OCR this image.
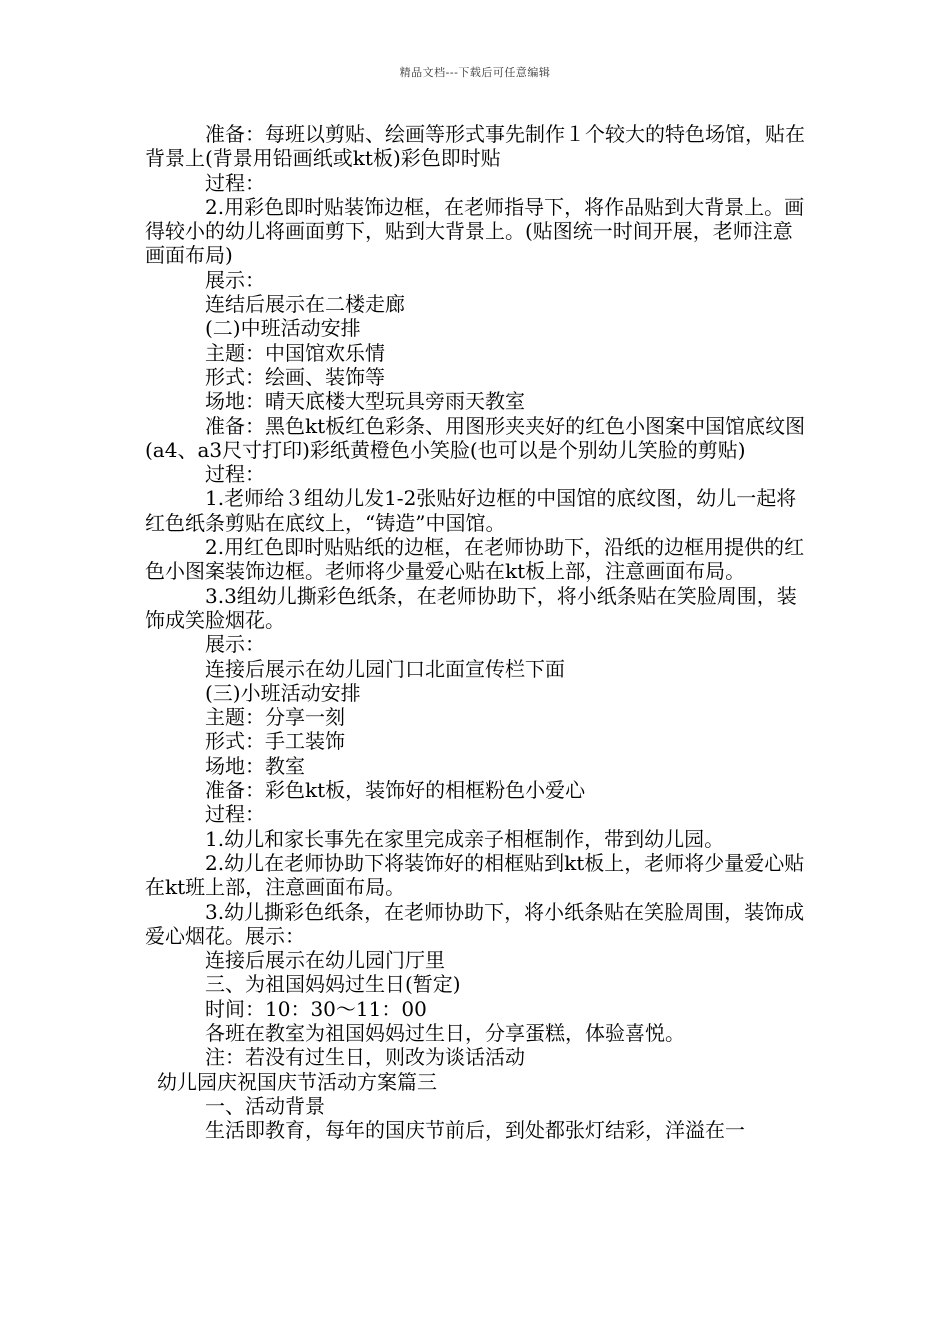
精品文档---下载后可任意编辑

准备：每班以剪贴、绘画等形式事先制作１个较大的特色场馆，贴在背景上(背景用铅画纸或kt板)彩色即时贴

过程：

2.用彩色即时贴装饰边框，在老师指导下，将作品贴到大背景上。画得较小的幼儿将画面剪下，贴到大背景上。(贴图统一时间开展，老师注意画面布局)

展示：

连结后展示在二楼走廊

(二)中班活动安排

主题：中国馆欢乐情

形式：绘画、装饰等

场地：晴天底楼大型玩具旁雨天教室

准备：黑色kt板红色彩条、用图形夹夹好的红色小图案中国馆底纹图(a4、a3尺寸打印)彩纸黄橙色小笑脸(也可以是个别幼儿笑脸的剪贴)

过程：

1.老师给３组幼儿发1-2张贴好边框的中国馆的底纹图，幼儿一起将红色纸条剪贴在底纹上，“铸造”中国馆。

2.用红色即时贴贴纸的边框，在老师协助下，沿纸的边框用提供的红色小图案装饰边框。老师将少量爱心贴在kt板上部，注意画面布局。

3.3组幼儿撕彩色纸条，在老师协助下，将小纸条贴在笑脸周围，装饰成笑脸烟花。

展示：

连接后展示在幼儿园门口北面宣传栏下面

(三)小班活动安排

主题：分享一刻

形式：手工装饰

场地：教室

准备：彩色kt板，装饰好的相框粉色小爱心

过程：

1.幼儿和家长事先在家里完成亲子相框制作，带到幼儿园。

2.幼儿在老师协助下将装饰好的相框贴到kt板上，老师将少量爱心贴在kt班上部，注意画面布局。

3.幼儿撕彩色纸条，在老师协助下，将小纸条贴在笑脸周围，装饰成爱心烟花。展示：

连接后展示在幼儿园门厅里

三、为祖国妈妈过生日(暂定)

时间：10：30～11：00

各班在教室为祖国妈妈过生日，分享蛋糕，体验喜悦。

注：若没有过生日，则改为谈话活动

幼儿园庆祝国庆节活动方案篇三

一、活动背景

生活即教育，每年的国庆节前后，到处都张灯结彩，洋溢在一
